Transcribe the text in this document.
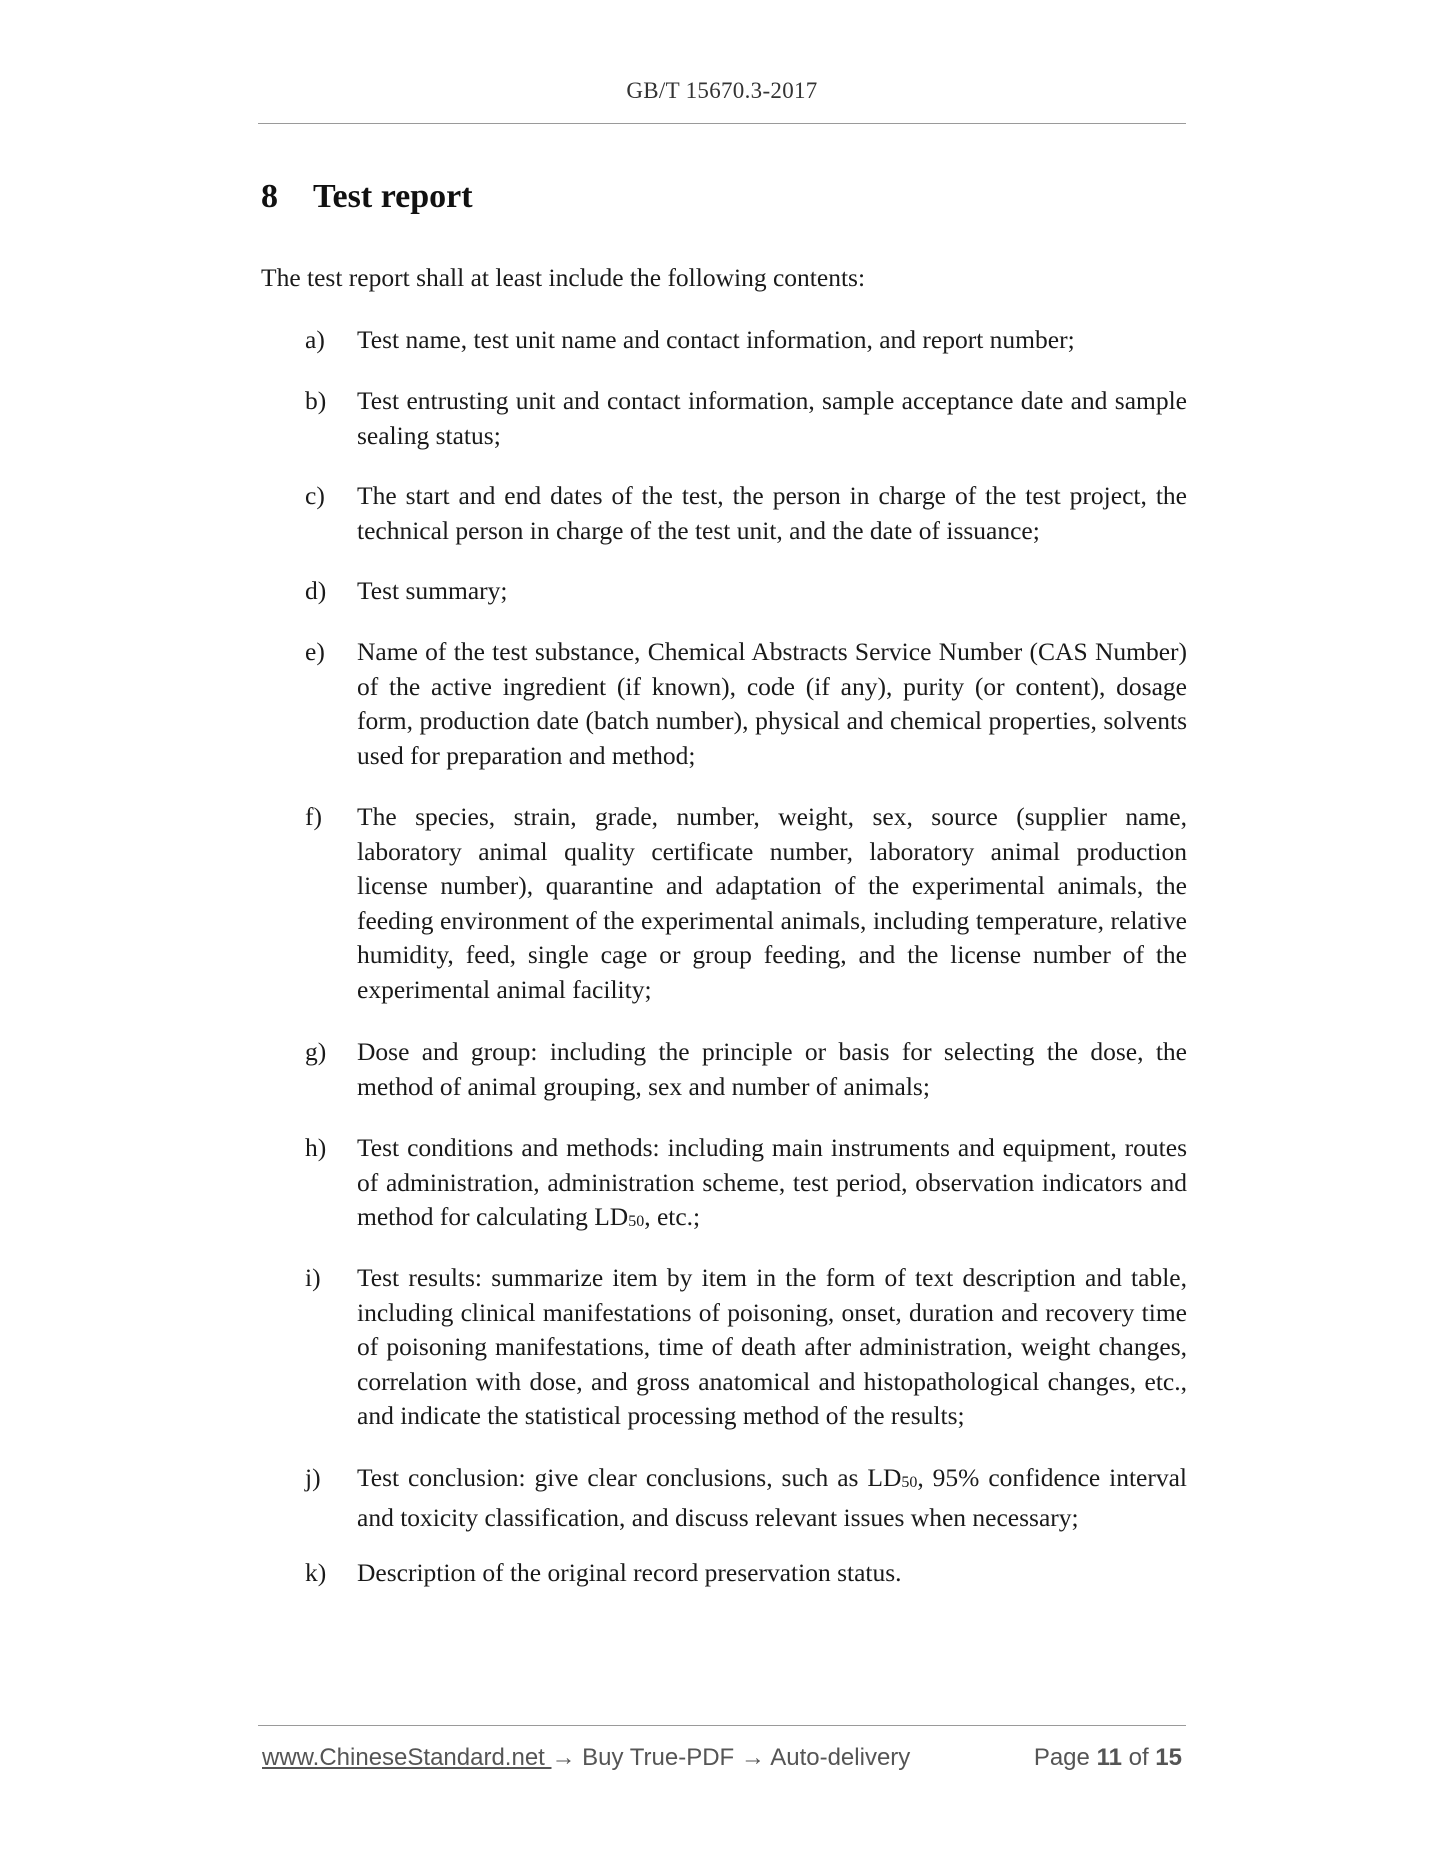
GB/T 15670.3-2017
8 Test report
The test report shall at least include the following contents:
a)	Test name, test unit name and contact information, and report number;
b)	Test entrusting unit and contact information, sample acceptance date and sample sealing status;
c)	The start and end dates of the test, the person in charge of the test project, the technical person in charge of the test unit, and the date of issuance;
d)	Test summary;
e)	Name of the test substance, Chemical Abstracts Service Number (CAS Number) of the active ingredient (if known), code (if any), purity (or content), dosage form, production date (batch number), physical and chemical properties, solvents used for preparation and method;
f)	The species, strain, grade, number, weight, sex, source (supplier name, laboratory animal quality certificate number, laboratory animal production license number), quarantine and adaptation of the experimental animals, the feeding environment of the experimental animals, including temperature, relative humidity, feed, single cage or group feeding, and the license number of the experimental animal facility;
g)	Dose and group: including the principle or basis for selecting the dose, the method of animal grouping, sex and number of animals;
h)	Test conditions and methods: including main instruments and equipment, routes of administration, administration scheme, test period, observation indicators and method for calculating $LD_{50}$, etc.;
i)	Test results: summarize item by item in the form of text description and table, including clinical manifestations of poisoning, onset, duration and recovery time of poisoning manifestations, time of death after administration, weight changes, correlation with dose, and gross anatomical and histopathological changes, etc., and indicate the statistical processing method of the results;
j)	Test conclusion: give clear conclusions, such as $LD_{50}$, 95% confidence interval and toxicity classification, and discuss relevant issues when necessary;
k)	Description of the original record preservation status.
www.ChineseStandard.net → Buy True-PDF → Auto-delivery	Page 11 of 15
